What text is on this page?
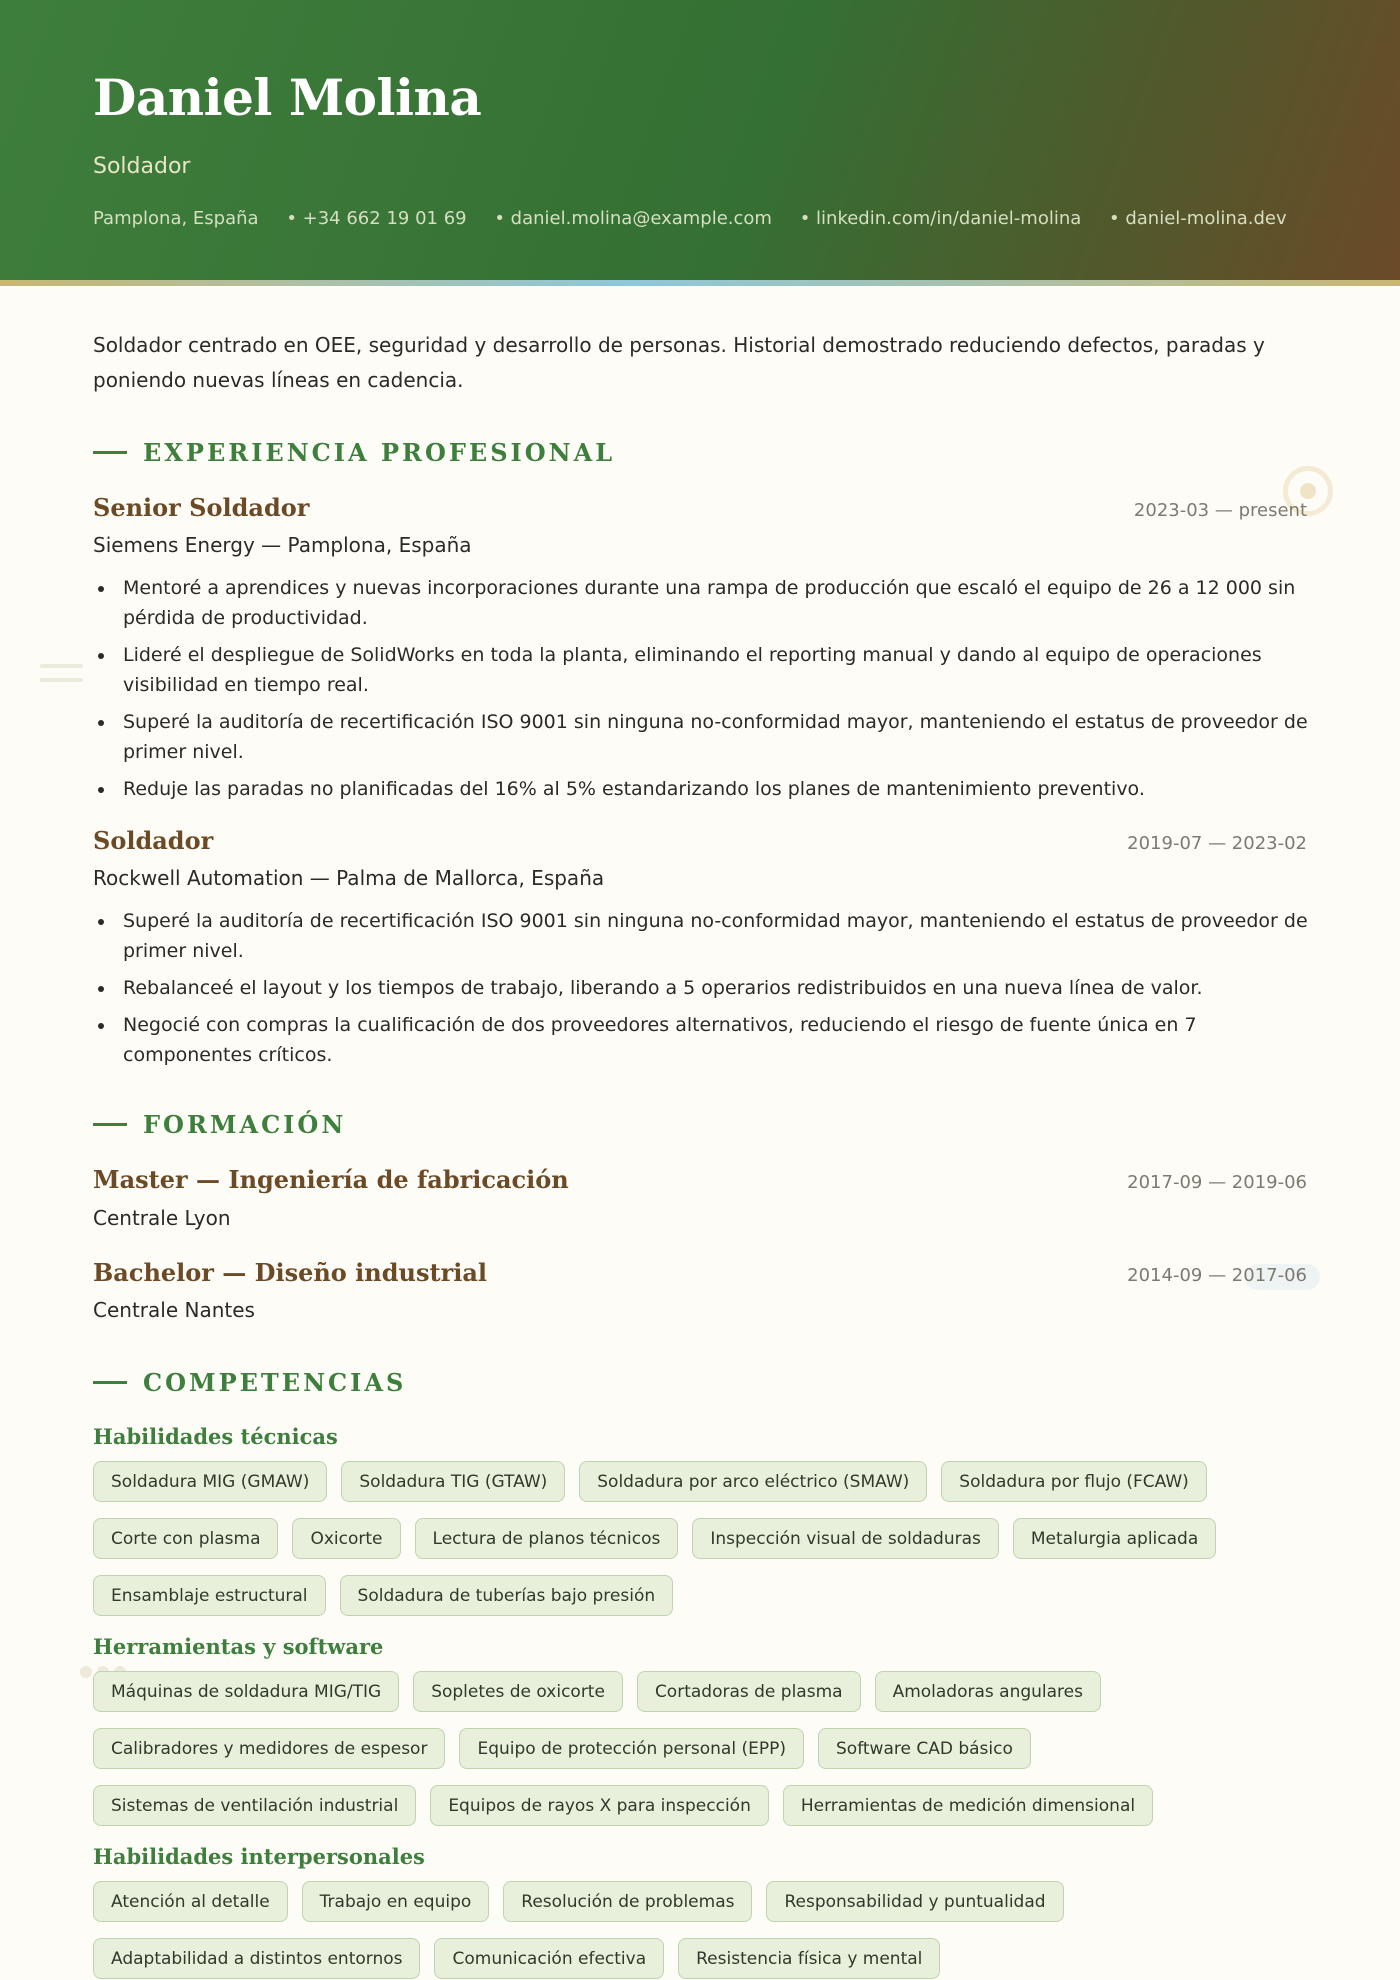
Daniel Molina
Soldador
Pamplona, España • +34 662 19 01 69 • daniel.molina@example.com • linkedin.com/in/daniel-molina • daniel-molina.dev

Soldador centrado en OEE, seguridad y desarrollo de personas. Historial demostrado reduciendo defectos, paradas y poniendo nuevas líneas en cadencia.

EXPERIENCIA PROFESIONAL
Senior Soldador	2023-03 — present
Siemens Energy — Pamplona, España
Mentoré a aprendices y nuevas incorporaciones durante una rampa de producción que escaló el equipo de 26 a 12 000 sin pérdida de productividad.
Lideré el despliegue de SolidWorks en toda la planta, eliminando el reporting manual y dando al equipo de operaciones visibilidad en tiempo real.
Superé la auditoría de recertificación ISO 9001 sin ninguna no-conformidad mayor, manteniendo el estatus de proveedor de primer nivel.
Reduje las paradas no planificadas del 16% al 5% estandarizando los planes de mantenimiento preventivo.
Soldador	2019-07 — 2023-02
Rockwell Automation — Palma de Mallorca, España
Superé la auditoría de recertificación ISO 9001 sin ninguna no-conformidad mayor, manteniendo el estatus de proveedor de primer nivel.
Rebalanceé el layout y los tiempos de trabajo, liberando a 5 operarios redistribuidos en una nueva línea de valor.
Negocié con compras la cualificación de dos proveedores alternativos, reduciendo el riesgo de fuente única en 7 componentes críticos.
FORMACIÓN
Master — Ingeniería de fabricación	2017-09 — 2019-06
Centrale Lyon
Bachelor — Diseño industrial	2014-09 — 2017-06
Centrale Nantes
COMPETENCIAS
Habilidades técnicas
Soldadura MIG (GMAW)	Soldadura TIG (GTAW)	Soldadura por arco eléctrico (SMAW)	Soldadura por flujo (FCAW)
Corte con plasma	Oxicorte	Lectura de planos técnicos	Inspección visual de soldaduras	Metalurgia aplicada
Ensamblaje estructural	Soldadura de tuberías bajo presión
Herramientas y software
Máquinas de soldadura MIG/TIG	Sopletes de oxicorte	Cortadoras de plasma	Amoladoras angulares
Calibradores y medidores de espesor	Equipo de protección personal (EPP)	Software CAD básico
Sistemas de ventilación industrial	Equipos de rayos X para inspección	Herramientas de medición dimensional
Habilidades interpersonales
Atención al detalle	Trabajo en equipo	Resolución de problemas	Responsabilidad y puntualidad
Adaptabilidad a distintos entornos	Comunicación efectiva	Resistencia física y mental
